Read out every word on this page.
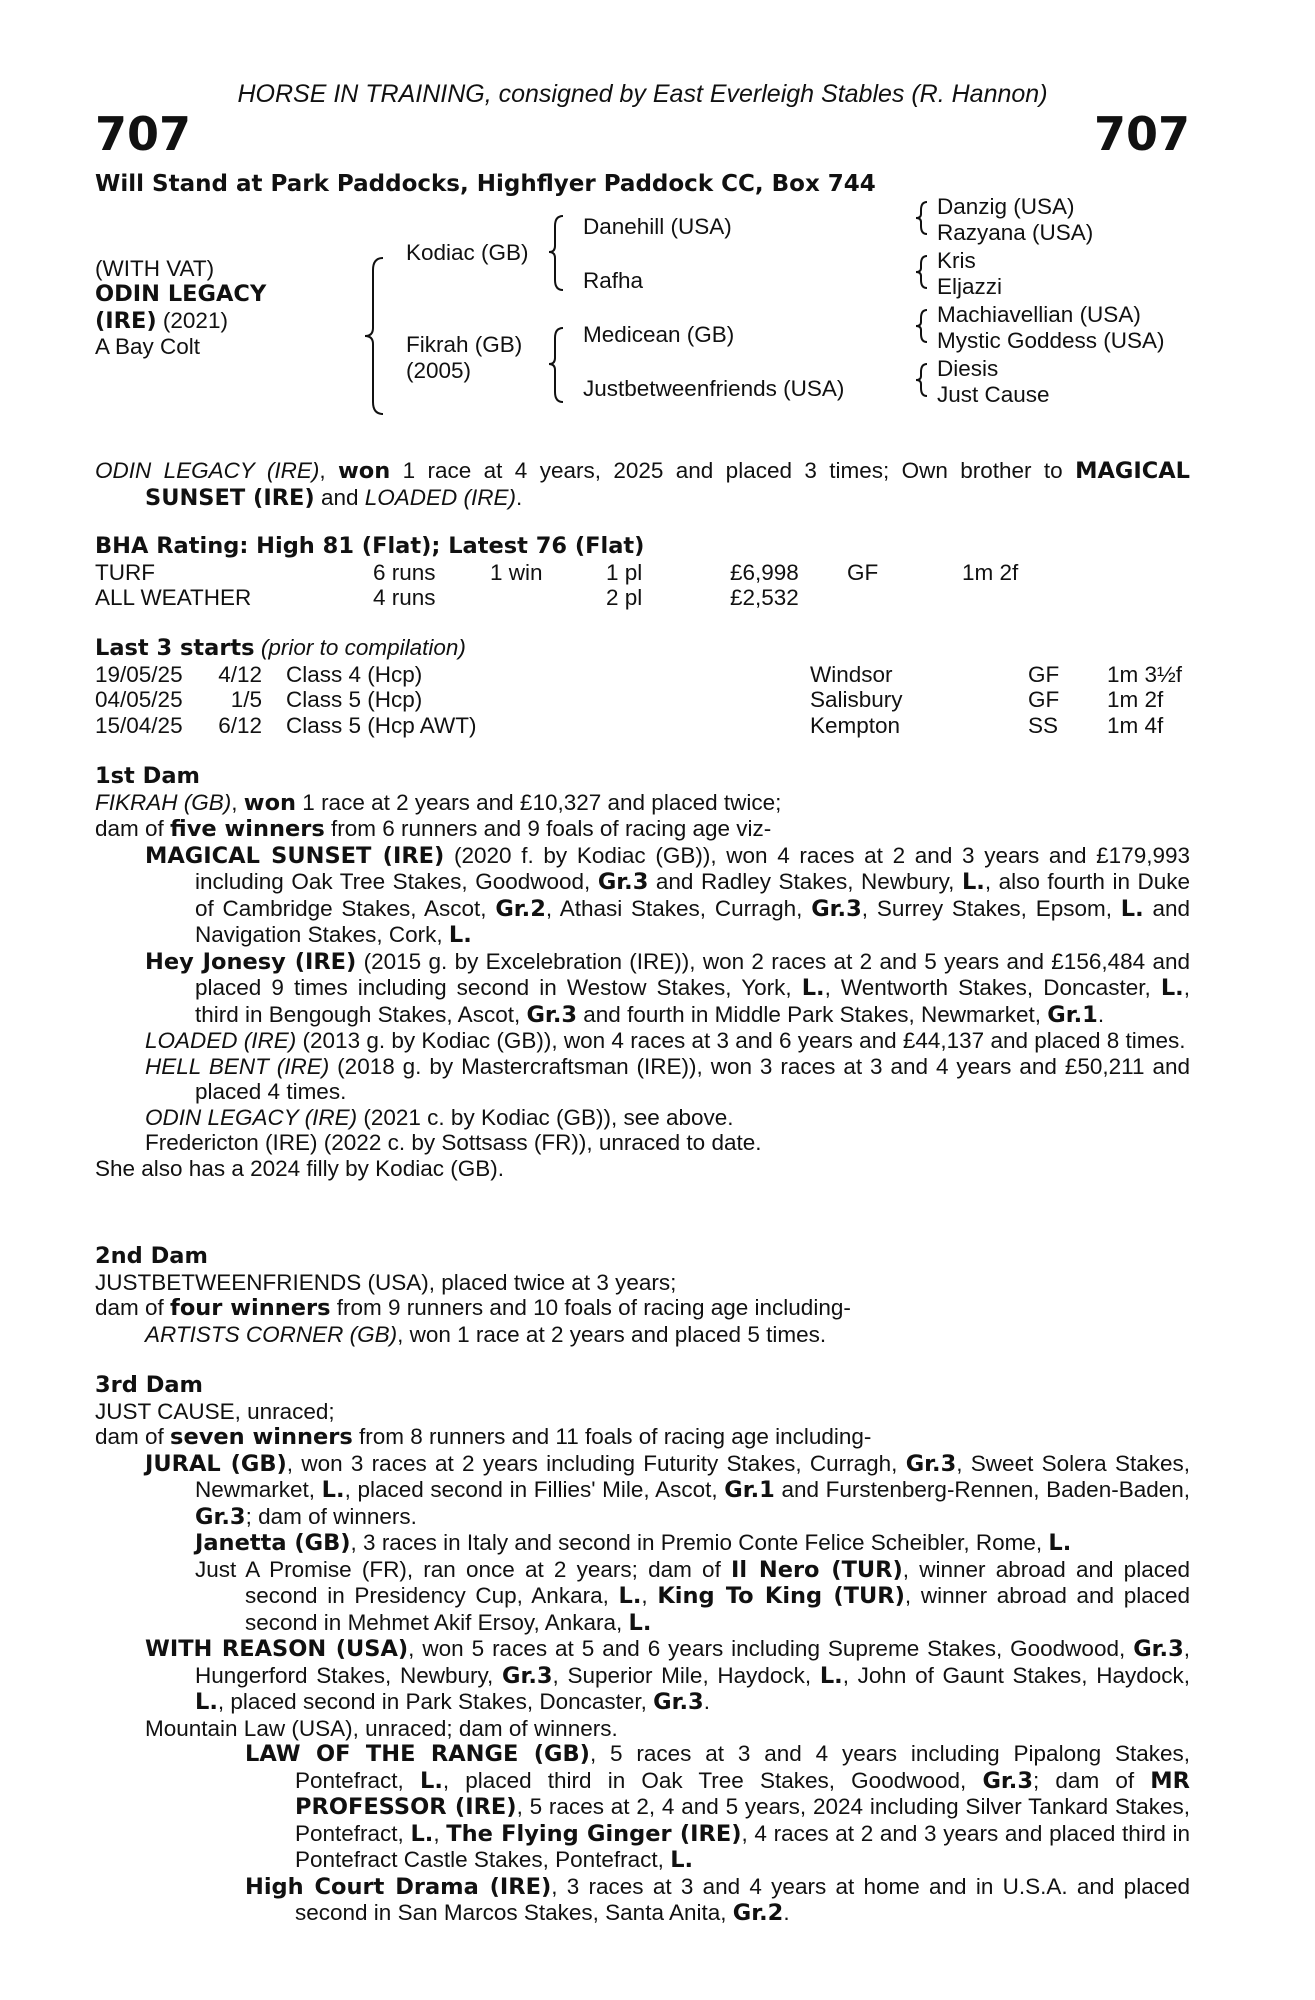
HORSE IN TRAINING, consigned by East Everleigh Stables (R. Hannon)
707	707
Will Stand at Park Paddocks, Highflyer Paddock CC, Box 744
(WITH VAT)
ODIN LEGACY
(IRE) (2021)
A Bay Colt
Kodiac (GB)
Fikrah (GB)
(2005)
Danehill (USA)
Rafha
Medicean (GB)
Justbetweenfriends (USA)
Danzig (USA)
Razyana (USA)
Kris
Eljazzi
Machiavellian (USA)
Mystic Goddess (USA)
Diesis
Just Cause

ODIN LEGACY (IRE), won 1 race at 4 years, 2025 and placed 3 times; Own brother to MAGICAL SUNSET (IRE) and LOADED (IRE).

BHA Rating: High 81 (Flat); Latest 76 (Flat)
TURF	6 runs 1 win	1 pl	£6,998 GF	1m 2f
ALL WEATHER	4 runs	2 pl	£2,532
Last 3 starts (prior to compilation)
19/05/25	4/12 Class 4 (Hcp)	Windsor	GF 1m 3½f
04/05/25	1/5 Class 5 (Hcp)	Salisbury	GF 1m 2f
15/04/25	6/12 Class 5 (Hcp AWT)	Kempton	SS 1m 4f
1st Dam

FIKRAH (GB), won 1 race at 2 years and £10,327 and placed twice;

dam of five winners from 6 runners and 9 foals of racing age viz-

MAGICAL SUNSET (IRE) (2020 f. by Kodiac (GB)), won 4 races at 2 and 3 years and £179,993 including Oak Tree Stakes, Goodwood, Gr.3 and Radley Stakes, Newbury, L., also fourth in Duke of Cambridge Stakes, Ascot, Gr.2, Athasi Stakes, Curragh, Gr.3, Surrey Stakes, Epsom, L. and Navigation Stakes, Cork, L.

Hey Jonesy (IRE) (2015 g. by Excelebration (IRE)), won 2 races at 2 and 5 years and £156,484 and placed 9 times including second in Westow Stakes, York, L., Wentworth Stakes, Doncaster, L., third in Bengough Stakes, Ascot, Gr.3 and fourth in Middle Park Stakes, Newmarket, Gr.1.

LOADED (IRE) (2013 g. by Kodiac (GB)), won 4 races at 3 and 6 years and £44,137 and placed 8 times.

HELL BENT (IRE) (2018 g. by Mastercraftsman (IRE)), won 3 races at 3 and 4 years and £50,211 and placed 4 times.

ODIN LEGACY (IRE) (2021 c. by Kodiac (GB)), see above.

Fredericton (IRE) (2022 c. by Sottsass (FR)), unraced to date.

She also has a 2024 filly by Kodiac (GB).

2nd Dam

JUSTBETWEENFRIENDS (USA), placed twice at 3 years;

dam of four winners from 9 runners and 10 foals of racing age including-

ARTISTS CORNER (GB), won 1 race at 2 years and placed 5 times.

3rd Dam

JUST CAUSE, unraced;

dam of seven winners from 8 runners and 11 foals of racing age including-

JURAL (GB), won 3 races at 2 years including Futurity Stakes, Curragh, Gr.3, Sweet Solera Stakes, Newmarket, L., placed second in Fillies' Mile, Ascot, Gr.1 and Furstenberg-Rennen, Baden-Baden, Gr.3; dam of winners.

Janetta (GB), 3 races in Italy and second in Premio Conte Felice Scheibler, Rome, L.

Just A Promise (FR), ran once at 2 years; dam of Il Nero (TUR), winner abroad and placed second in Presidency Cup, Ankara, L., King To King (TUR), winner abroad and placed second in Mehmet Akif Ersoy, Ankara, L.

WITH REASON (USA), won 5 races at 5 and 6 years including Supreme Stakes, Goodwood, Gr.3, Hungerford Stakes, Newbury, Gr.3, Superior Mile, Haydock, L., John of Gaunt Stakes, Haydock, L., placed second in Park Stakes, Doncaster, Gr.3.

Mountain Law (USA), unraced; dam of winners.

LAW OF THE RANGE (GB), 5 races at 3 and 4 years including Pipalong Stakes, Pontefract, L., placed third in Oak Tree Stakes, Goodwood, Gr.3; dam of MR PROFESSOR (IRE), 5 races at 2, 4 and 5 years, 2024 including Silver Tankard Stakes, Pontefract, L., The Flying Ginger (IRE), 4 races at 2 and 3 years and placed third in Pontefract Castle Stakes, Pontefract, L.

High Court Drama (IRE), 3 races at 3 and 4 years at home and in U.S.A. and placed second in San Marcos Stakes, Santa Anita, Gr.2.
